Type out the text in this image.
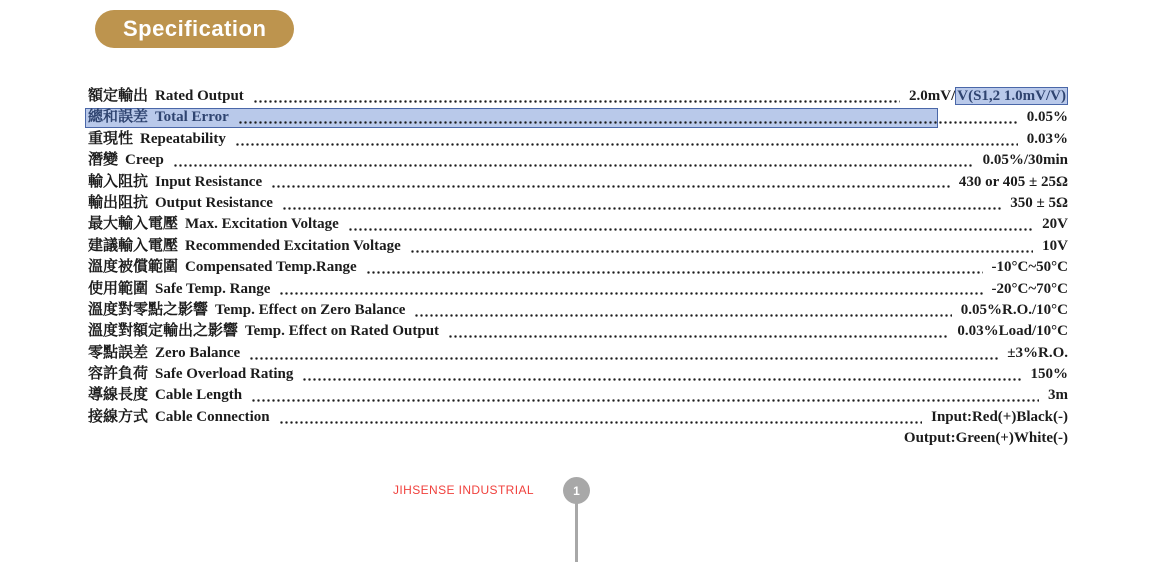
Specification
額定輸出 Rated Output	2.0mV/ V(S1,2 1.0mV/V)
總和誤差 Total Error	0.05%
重現性 Repeatability	0.03%
潛變 Creep	0.05%/30min
輸入阻抗 Input Resistance	430 or 405 ± 25Ω
輸出阻抗 Output Resistance	350 ± 5Ω
最大輸入電壓 Max. Excitation Voltage	20V
建議輸入電壓 Recommended Excitation Voltage	10V
溫度被償範圍 Compensated Temp.Range	-10°C~50°C
使用範圍 Safe Temp. Range	-20°C~70°C
溫度對零點之影響 Temp. Effect on Zero Balance	0.05%R.O./10°C
溫度對額定輸出之影響 Temp. Effect on Rated Output	0.03%Load/10°C
零點誤差 Zero Balance	±3%R.O.
容許負荷 Safe Overload Rating	150%
導線長度 Cable Length	3m
接線方式 Cable Connection	Input:Red(+)Black(-)
Output:Green(+)White(-)
JIHSENSE INDUSTRIAL	1
